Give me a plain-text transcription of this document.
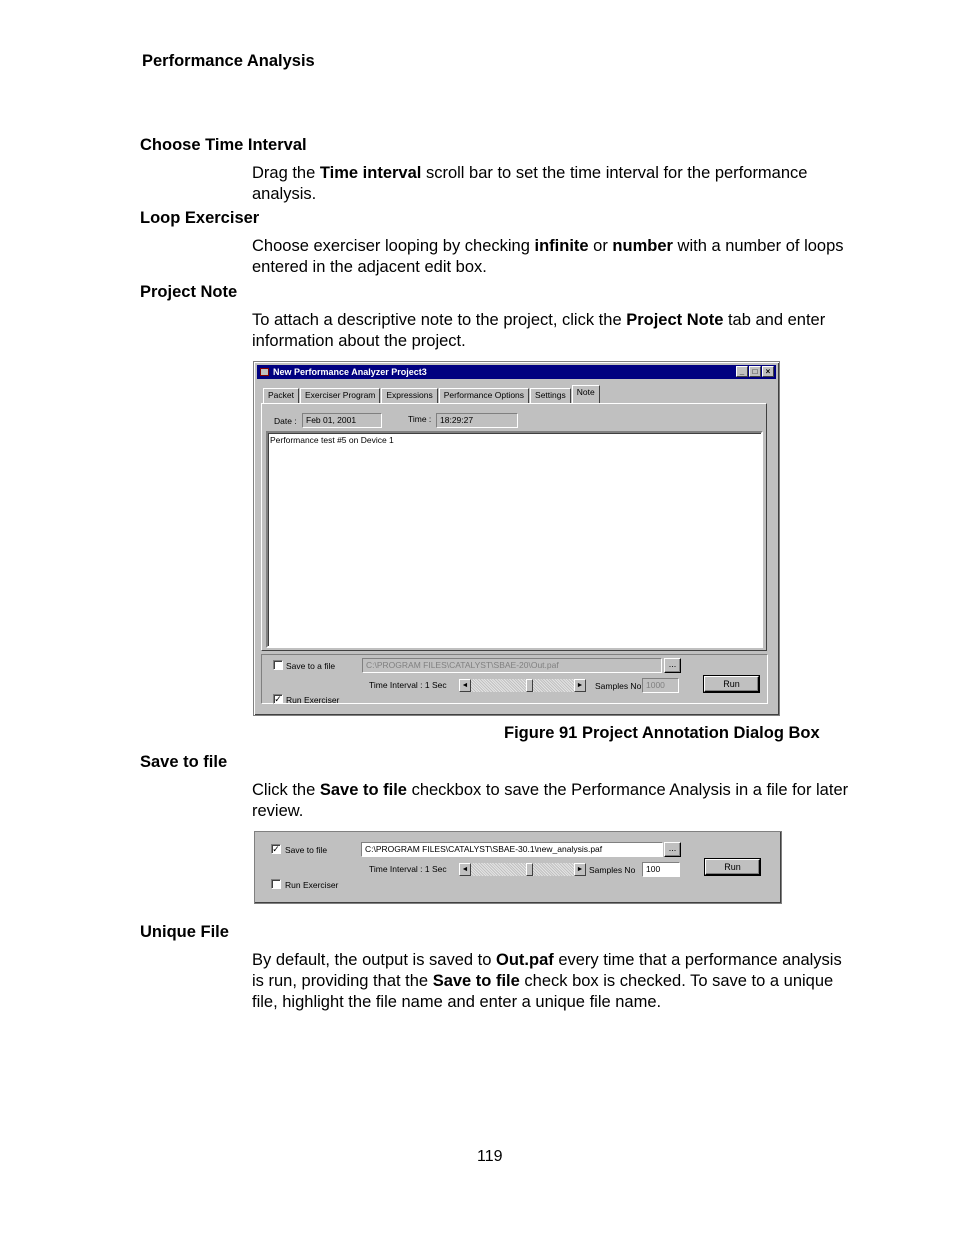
Performance Analysis
Choose Time Interval
Drag the Time interval scroll bar to set the time interval for the performance analysis.
Loop Exerciser
Choose exerciser looping by checking infinite or number with a number of loops entered in the adjacent edit box.
Project Note
To attach a descriptive note to the project, click the Project Note tab and enter information about the project.
New Performance Analyzer Project3	_	□	×
Packet	Exerciser Program	Expressions	Performance Options	Settings	Note
Date :	Feb 01, 2001	Time :	18:29:27
Performance test #5 on Device 1
Save to a file	C:\PROGRAM FILES\CATALYST\SBAE-20\Out.paf	...
Time Interval : 1 Sec	◄	► Samples No 1000	Run
✓ Run Exerciser
Figure 91 Project Annotation Dialog Box
Save to file
Click the Save to file checkbox to save the Performance Analysis in a file for later review.
✓ Save to file	C:\PROGRAM FILES\CATALYST\SBAE-30.1\new_analysis.paf	...
Time Interval : 1 Sec	◄	► Samples No	100	Run
Run Exerciser
Unique File
By default, the output is saved to Out.paf every time that a performance analysis is run, providing that the Save to file check box is checked. To save to a unique file, highlight the file name and enter a unique file name.
119
